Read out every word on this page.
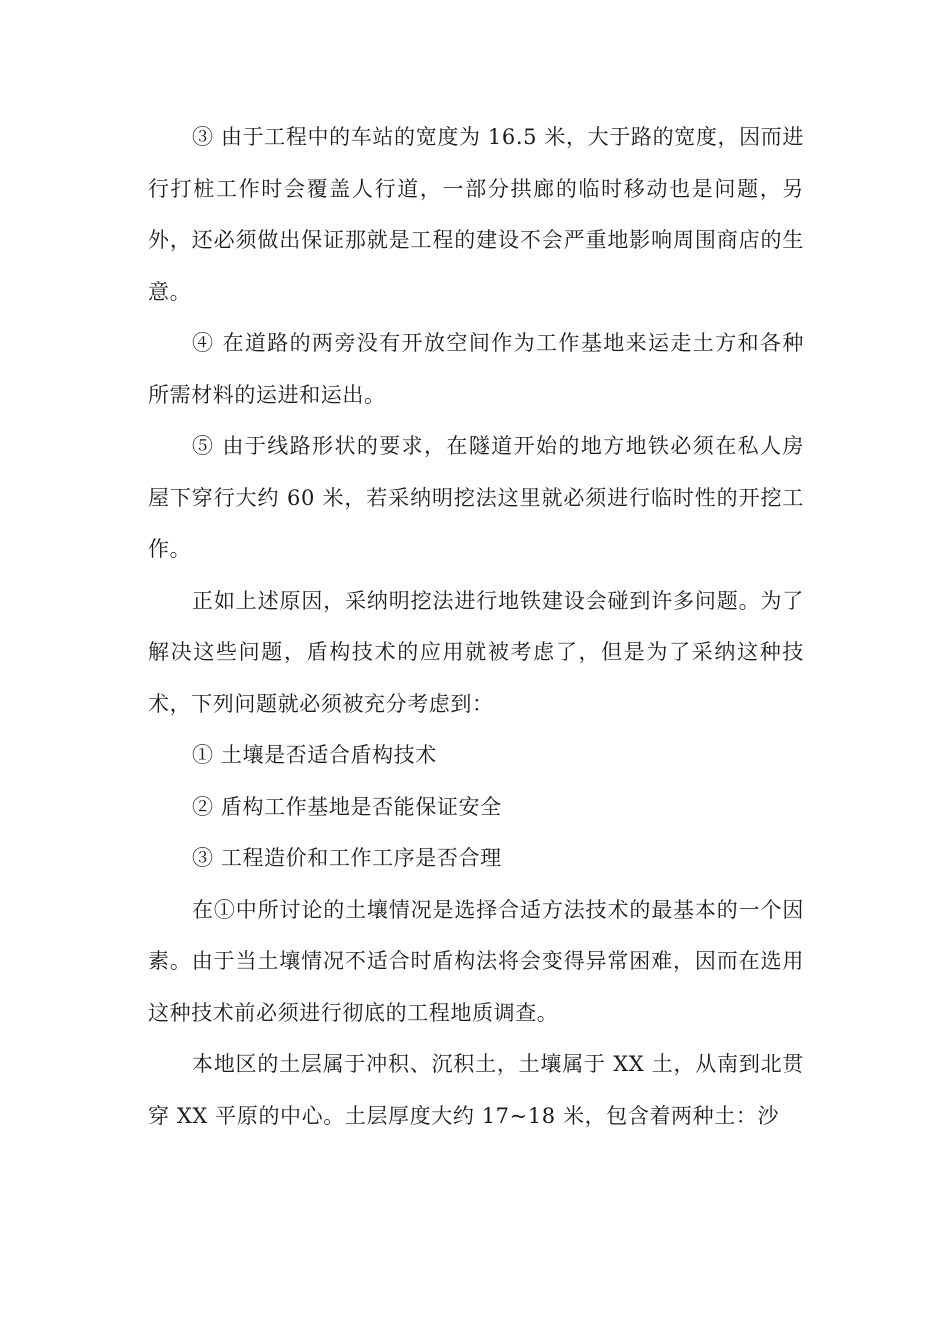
③ 由于工程中的车站的宽度为 16.5 米，大于路的宽度，因而进行打桩工作时会覆盖人行道，一部分拱廊的临时移动也是问题，另外，还必须做出保证那就是工程的建设不会严重地影响周围商店的生意。

④ 在道路的两旁没有开放空间作为工作基地来运走土方和各种所需材料的运进和运出。

⑤ 由于线路形状的要求，在隧道开始的地方地铁必须在私人房屋下穿行大约 60 米，若采纳明挖法这里就必须进行临时性的开挖工作。

正如上述原因，采纳明挖法进行地铁建设会碰到许多问题。为了解决这些问题，盾构技术的应用就被考虑了，但是为了采纳这种技术，下列问题就必须被充分考虑到：

① 土壤是否适合盾构技术

② 盾构工作基地是否能保证安全

③ 工程造价和工作工序是否合理

在①中所讨论的土壤情况是选择合适方法技术的最基本的一个因素。由于当土壤情况不适合时盾构法将会变得异常困难，因而在选用这种技术前必须进行彻底的工程地质调查。

本地区的土层属于冲积、沉积土，土壤属于 XX 土，从南到北贯穿 XX 平原的中心。土层厚度大约 17~18 米，包含着两种土：沙
